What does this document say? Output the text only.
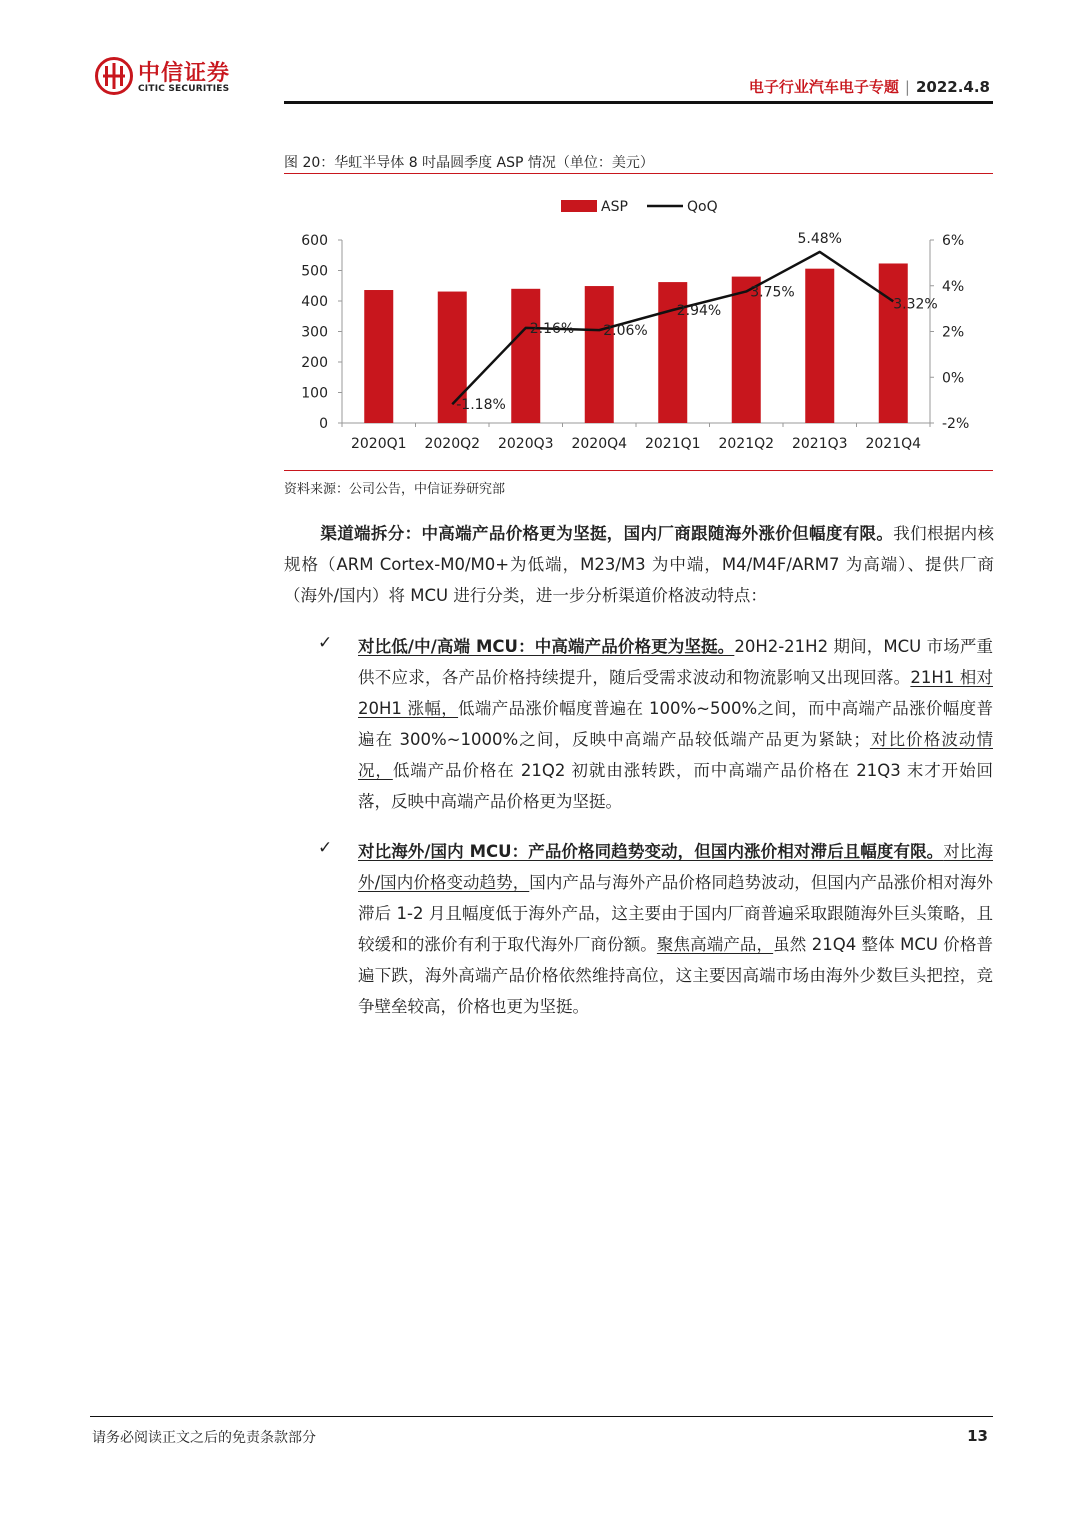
中信证券
CITIC SECURITIES	电子行业汽车电子专题 | 2022.4.8
图 20：华虹半导体 8 吋晶圆季度 ASP 情况（单位：美元）
ASP	QoQ
0
100
200
300
400
500
600
-2%
0%
2%
4%
6%
2020Q1 2020Q2 2020Q3 2020Q4 2021Q1 2021Q2 2021Q3 2021Q4
-1.18%
2.16% 2.06%
2.94%
3.75%
5.48%
3.32%
资料来源：公司公告，中信证券研究部
渠道端拆分：中高端产品价格更为坚挺，国内厂商跟随海外涨价但幅度有限。我们根据内核规格（ARM Cortex-M0/M0+为低端，M23/M3 为中端，M4/M4F/ARM7 为高端）、提供厂商（海外/国内）将 MCU 进行分类，进一步分析渠道价格波动特点：
✓ 对比低/中/高端 MCU：中高端产品价格更为坚挺。20H2-21H2 期间，MCU 市场严重供不应求，各产品价格持续提升，随后受需求波动和物流影响又出现回落。21H1 相对 20H1 涨幅，低端产品涨价幅度普遍在 100%~500%之间，而中高端产品涨价幅度普遍在 300%~1000%之间，反映中高端产品较低端产品更为紧缺；对比价格波动情况，低端产品价格在 21Q2 初就由涨转跌，而中高端产品价格在 21Q3 末才开始回落，反映中高端产品价格更为坚挺。
✓ 对比海外/国内 MCU：产品价格同趋势变动，但国内涨价相对滞后且幅度有限。对比海外/国内价格变动趋势，国内产品与海外产品价格同趋势波动，但国内产品涨价相对海外滞后 1-2 月且幅度低于海外产品，这主要由于国内厂商普遍采取跟随海外巨头策略，且较缓和的涨价有利于取代海外厂商份额。聚焦高端产品，虽然 21Q4 整体 MCU 价格普遍下跌，海外高端产品价格依然维持高位，这主要因高端市场由海外少数巨头把控，竞争壁垒较高，价格也更为坚挺。
请务必阅读正文之后的免责条款部分	13
